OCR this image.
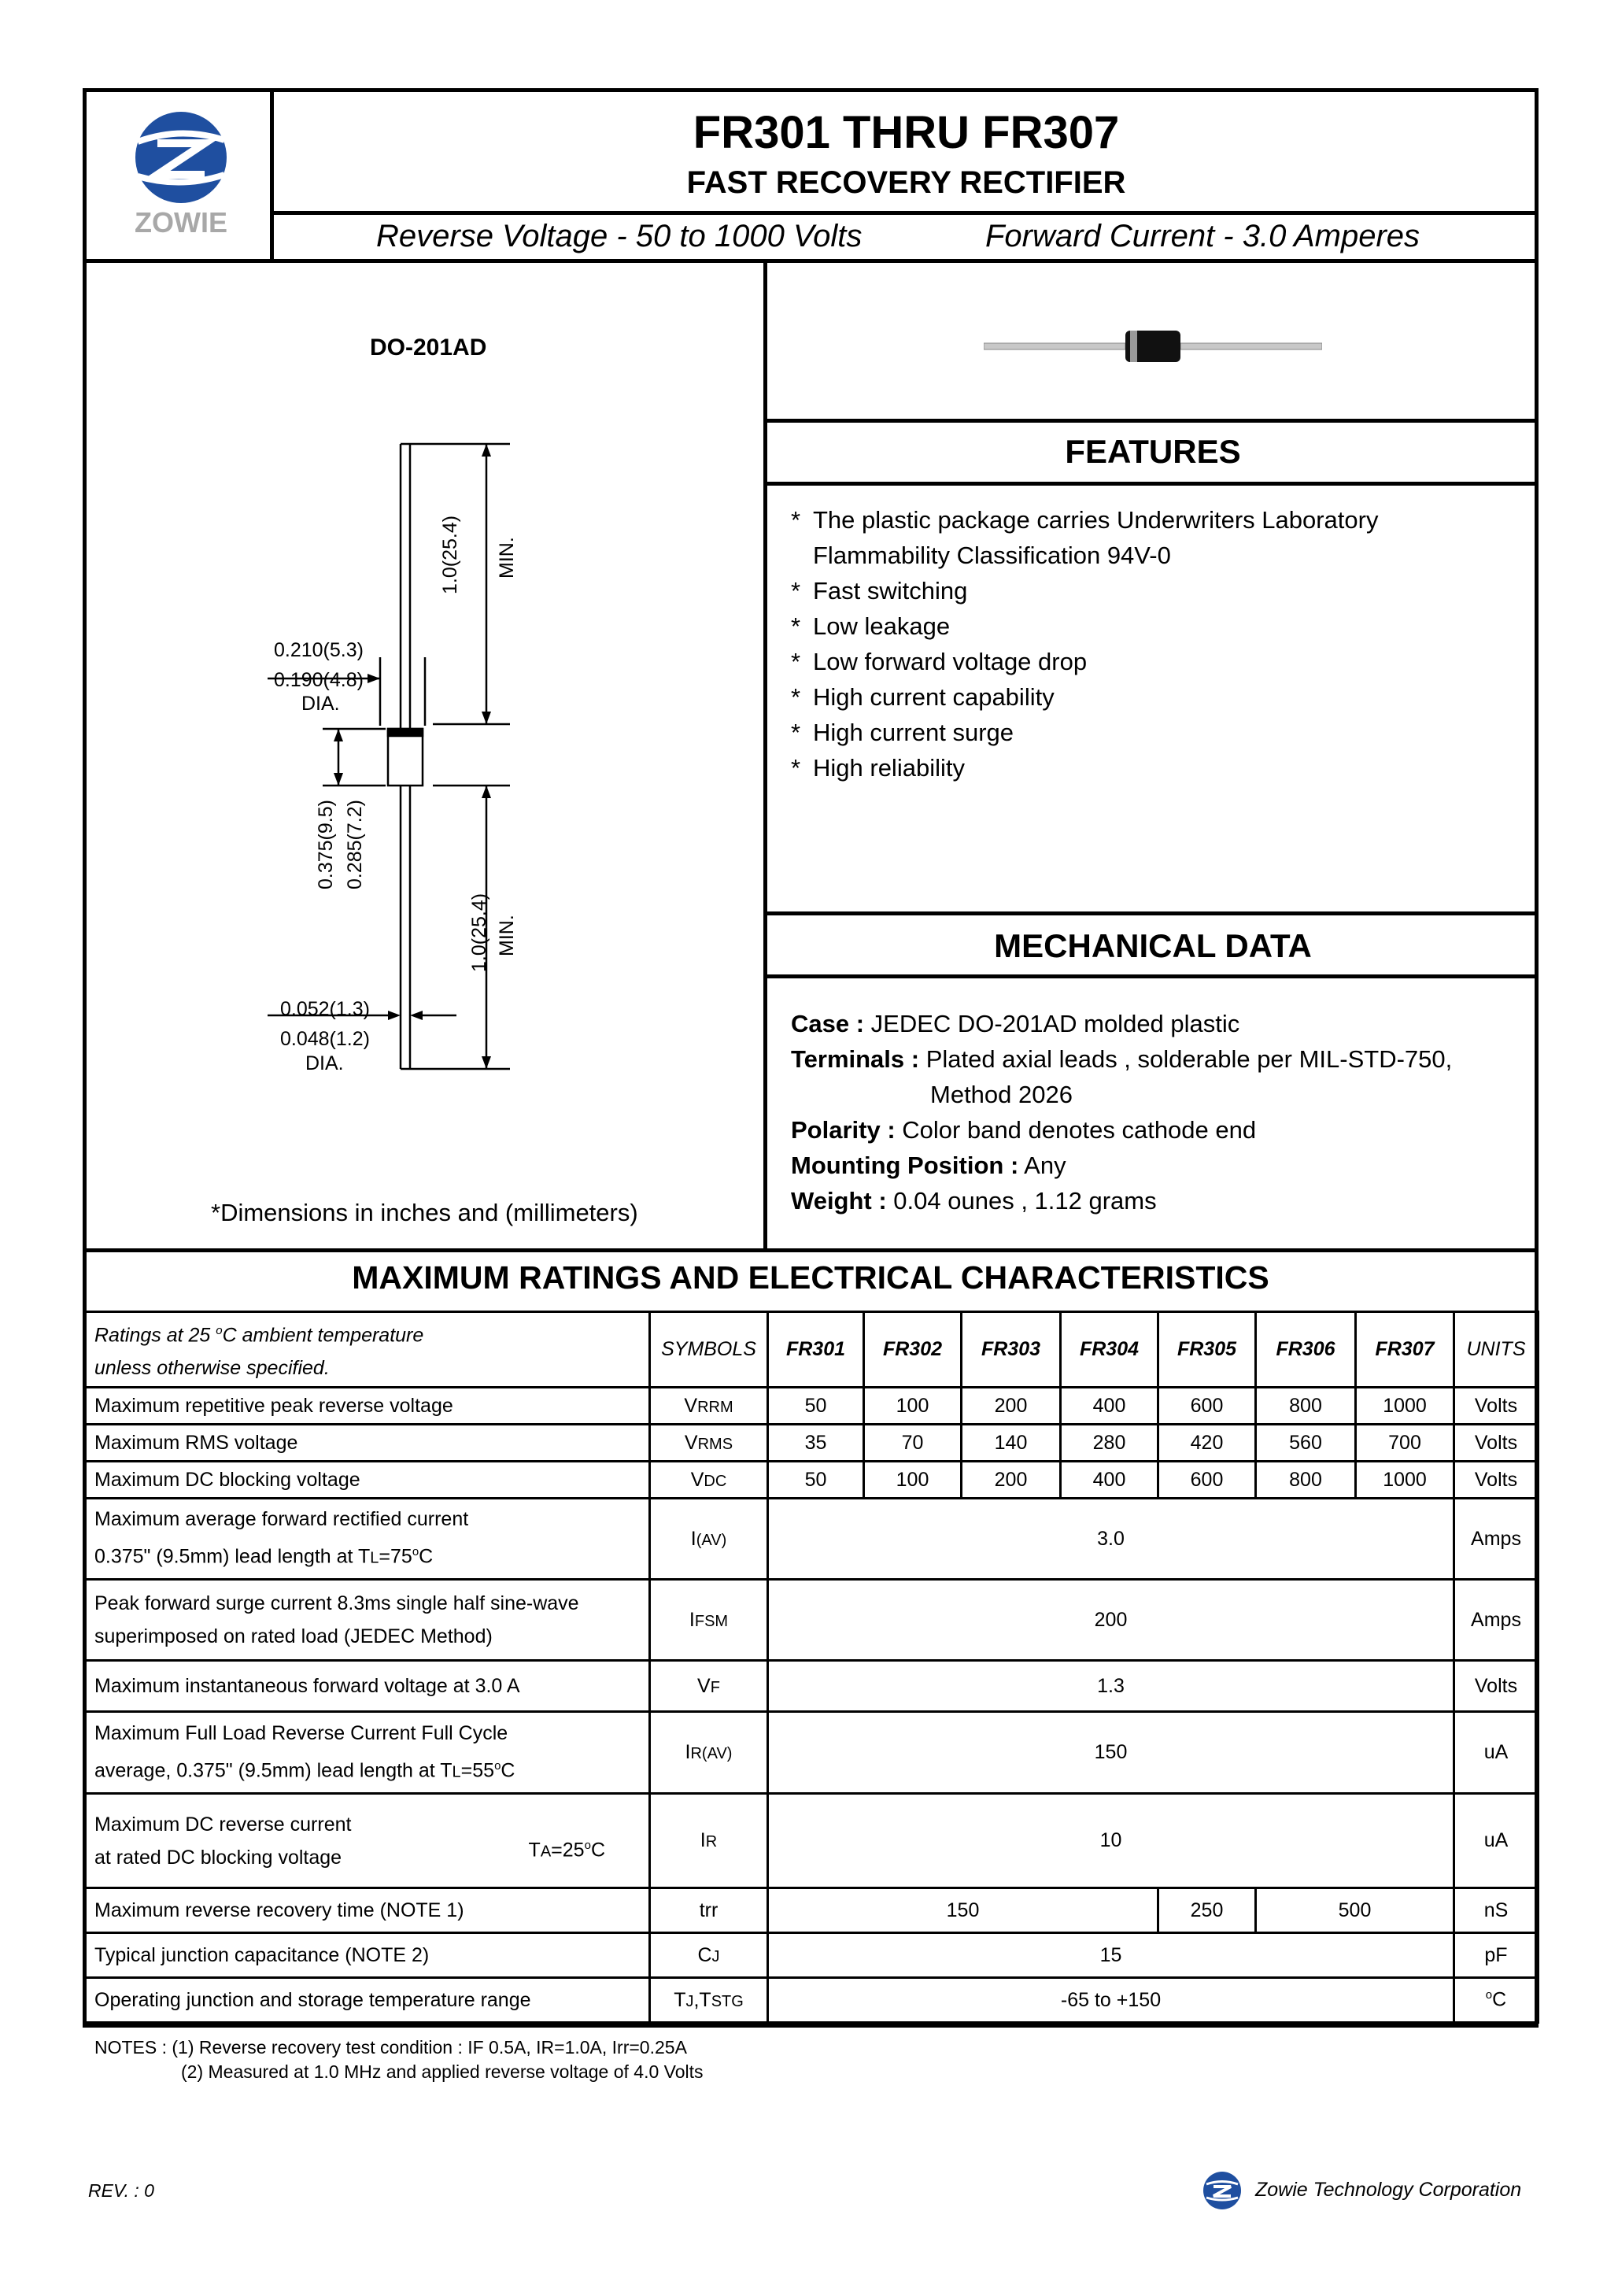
ZOWIE
FR301 THRU FR307
FAST RECOVERY RECTIFIER
Reverse Voltage - 50 to 1000 Volts	Forward Current - 3.0 Amperes
DO-201AD
1.0(25.4) MIN.
0.210(5.3)
0.190(4.8)
DIA.
0.375(9.5) 0.285(7.2)
1.0(25.4) MIN.
0.052(1.3)
0.048(1.2)
DIA.
*Dimensions in inches and (millimeters)
FEATURES
* The plastic package carries Underwriters Laboratory
Flammability Classification 94V-0
* Fast switching
* Low leakage
* Low forward voltage drop
* High current capability
* High current surge
* High reliability
MECHANICAL DATA
Case : JEDEC DO-201AD molded plastic
Terminals : Plated axial leads , solderable per MIL-STD-750,
Method 2026
Polarity : Color band denotes cathode end
Mounting Position : Any
Weight : 0.04 ounes , 1.12 grams
MAXIMUM RATINGS AND ELECTRICAL CHARACTERISTICS
Ratings at 25 $^o$C ambient temperature
unless otherwise specified.	SYMBOLS	FR301	FR302	FR303	FR304	FR305	FR306	FR307	UNITS
Maximum repetitive peak reverse voltage	VRRM	50	100	200	400	600	800	1000	Volts
Maximum RMS voltage	VRMS	35	70	140	280	420	560	700	Volts
Maximum DC blocking voltage	VDC	50	100	200	400	600	800	1000	Volts
Maximum average forward rectified current
0.375" (9.5mm) lead length at $TL=75^oC$	I(AV)	3.0							Amps
Peak forward surge current 8.3ms single half sine-wave
superimposed on rated load (JEDEC Method)	IFSM	200							Amps
Maximum instantaneous forward voltage at 3.0 A	VF	1.3							Volts
Maximum Full Load Reverse Current Full Cycle
average, 0.375" (9.5mm) lead length at $TL=55^oC$	IR(AV)	150							uA
Maximum DC reverse current
at rated DC blocking voltage $TA=25^oC$	IR	10							uA
Maximum reverse recovery time (NOTE 1)	trr	150				250	500		nS
Typical junction capacitance (NOTE 2)	CJ	15							pF
Operating junction and storage temperature range	TJ,TSTG	-65 to +150							$^o$C
NOTES : (1) Reverse recovery test condition : IF 0.5A, IR=1.0A, Irr=0.25A
(2) Measured at 1.0 MHz and applied reverse voltage of 4.0 Volts
REV. : 0	Zowie Technology Corporation
